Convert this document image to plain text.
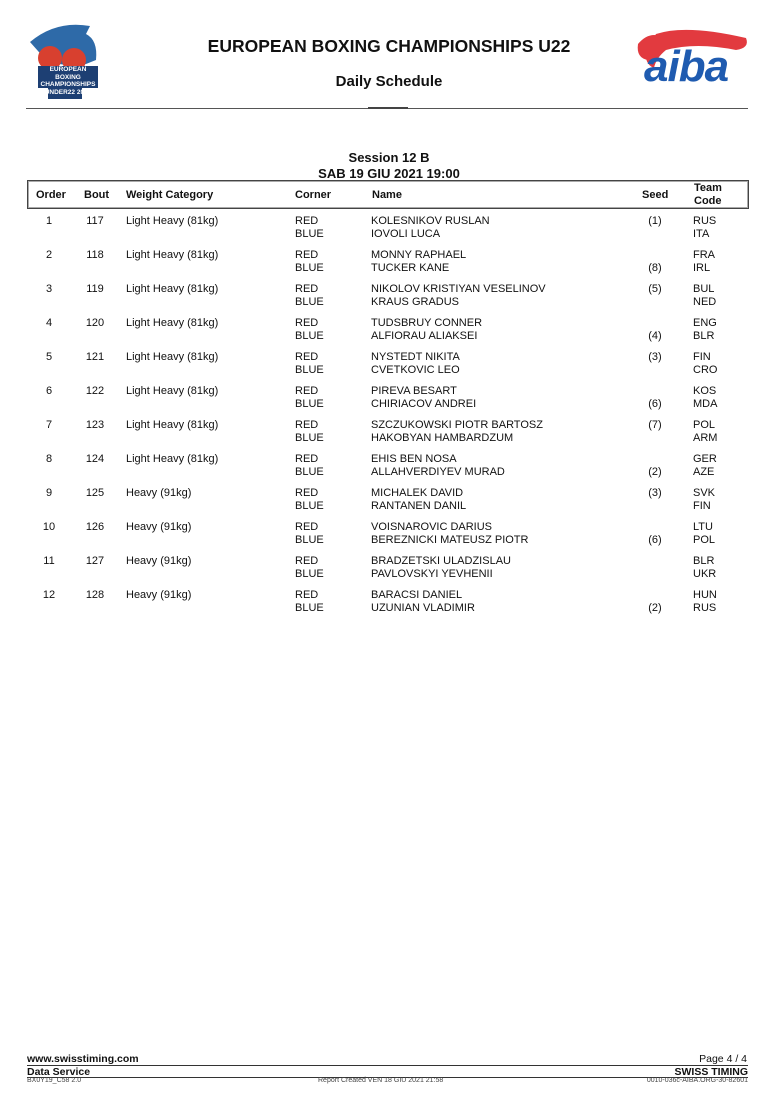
EUROPEAN BOXING CHAMPIONSHIPS UNDER22 2021
EUROPEAN BOXING CHAMPIONSHIPS U22
Daily Schedule	aiba
Session 12 B
SAB 19 GIU 2021 19:00
Order Bout Weight Category	Corner	Name	Seed
Team
Code
1	117	Light Heavy (81kg)	RED	KOLESNIKOV RUSLAN	(1)	RUS
BLUE	IOVOLI LUCA	ITA
2	118	Light Heavy (81kg)	RED	MONNY RAPHAEL	FRA
BLUE	TUCKER KANE	(8)	IRL
3	119	Light Heavy (81kg)	RED	NIKOLOV KRISTIYAN VESELINOV	(5)	BUL
BLUE	KRAUS GRADUS	NED
4	120	Light Heavy (81kg)	RED	TUDSBRUY CONNER	ENG
BLUE	ALFIORAU ALIAKSEI	(4)	BLR
5	121	Light Heavy (81kg)	RED	NYSTEDT NIKITA	(3)	FIN
BLUE	CVETKOVIC LEO	CRO
6	122	Light Heavy (81kg)	RED	PIREVA BESART	KOS
BLUE	CHIRIACOV ANDREI	(6)	MDA
7	123	Light Heavy (81kg)	RED	SZCZUKOWSKI PIOTR BARTOSZ	(7)	POL
BLUE	HAKOBYAN HAMBARDZUM	ARM
8	124	Light Heavy (81kg)	RED	EHIS BEN NOSA	GER
BLUE	ALLAHVERDIYEV MURAD	(2)	AZE
9	125	Heavy (91kg)	RED	MICHALEK DAVID	(3)	SVK
BLUE	RANTANEN DANIL	FIN
10	126	Heavy (91kg)	RED	VOISNAROVIC DARIUS	LTU
BLUE	BEREZNICKI MATEUSZ PIOTR	(6)	POL
11	127	Heavy (91kg)	RED	BRADZETSKI ULADZISLAU	BLR
BLUE	PAVLOVSKYI YEVHENII	UKR
12	128	Heavy (91kg)	RED	BARACSI DANIEL	HUN
BLUE	UZUNIAN VLADIMIR	(2)	RUS
www.swisstiming.com	Page 4 / 4
Data Service	SWISS TIMING
BX0Y19_C58 2.0	Report Created VEN 18 GIU 2021 21:58	0010-036c-AIBA.ORG-30-82601
